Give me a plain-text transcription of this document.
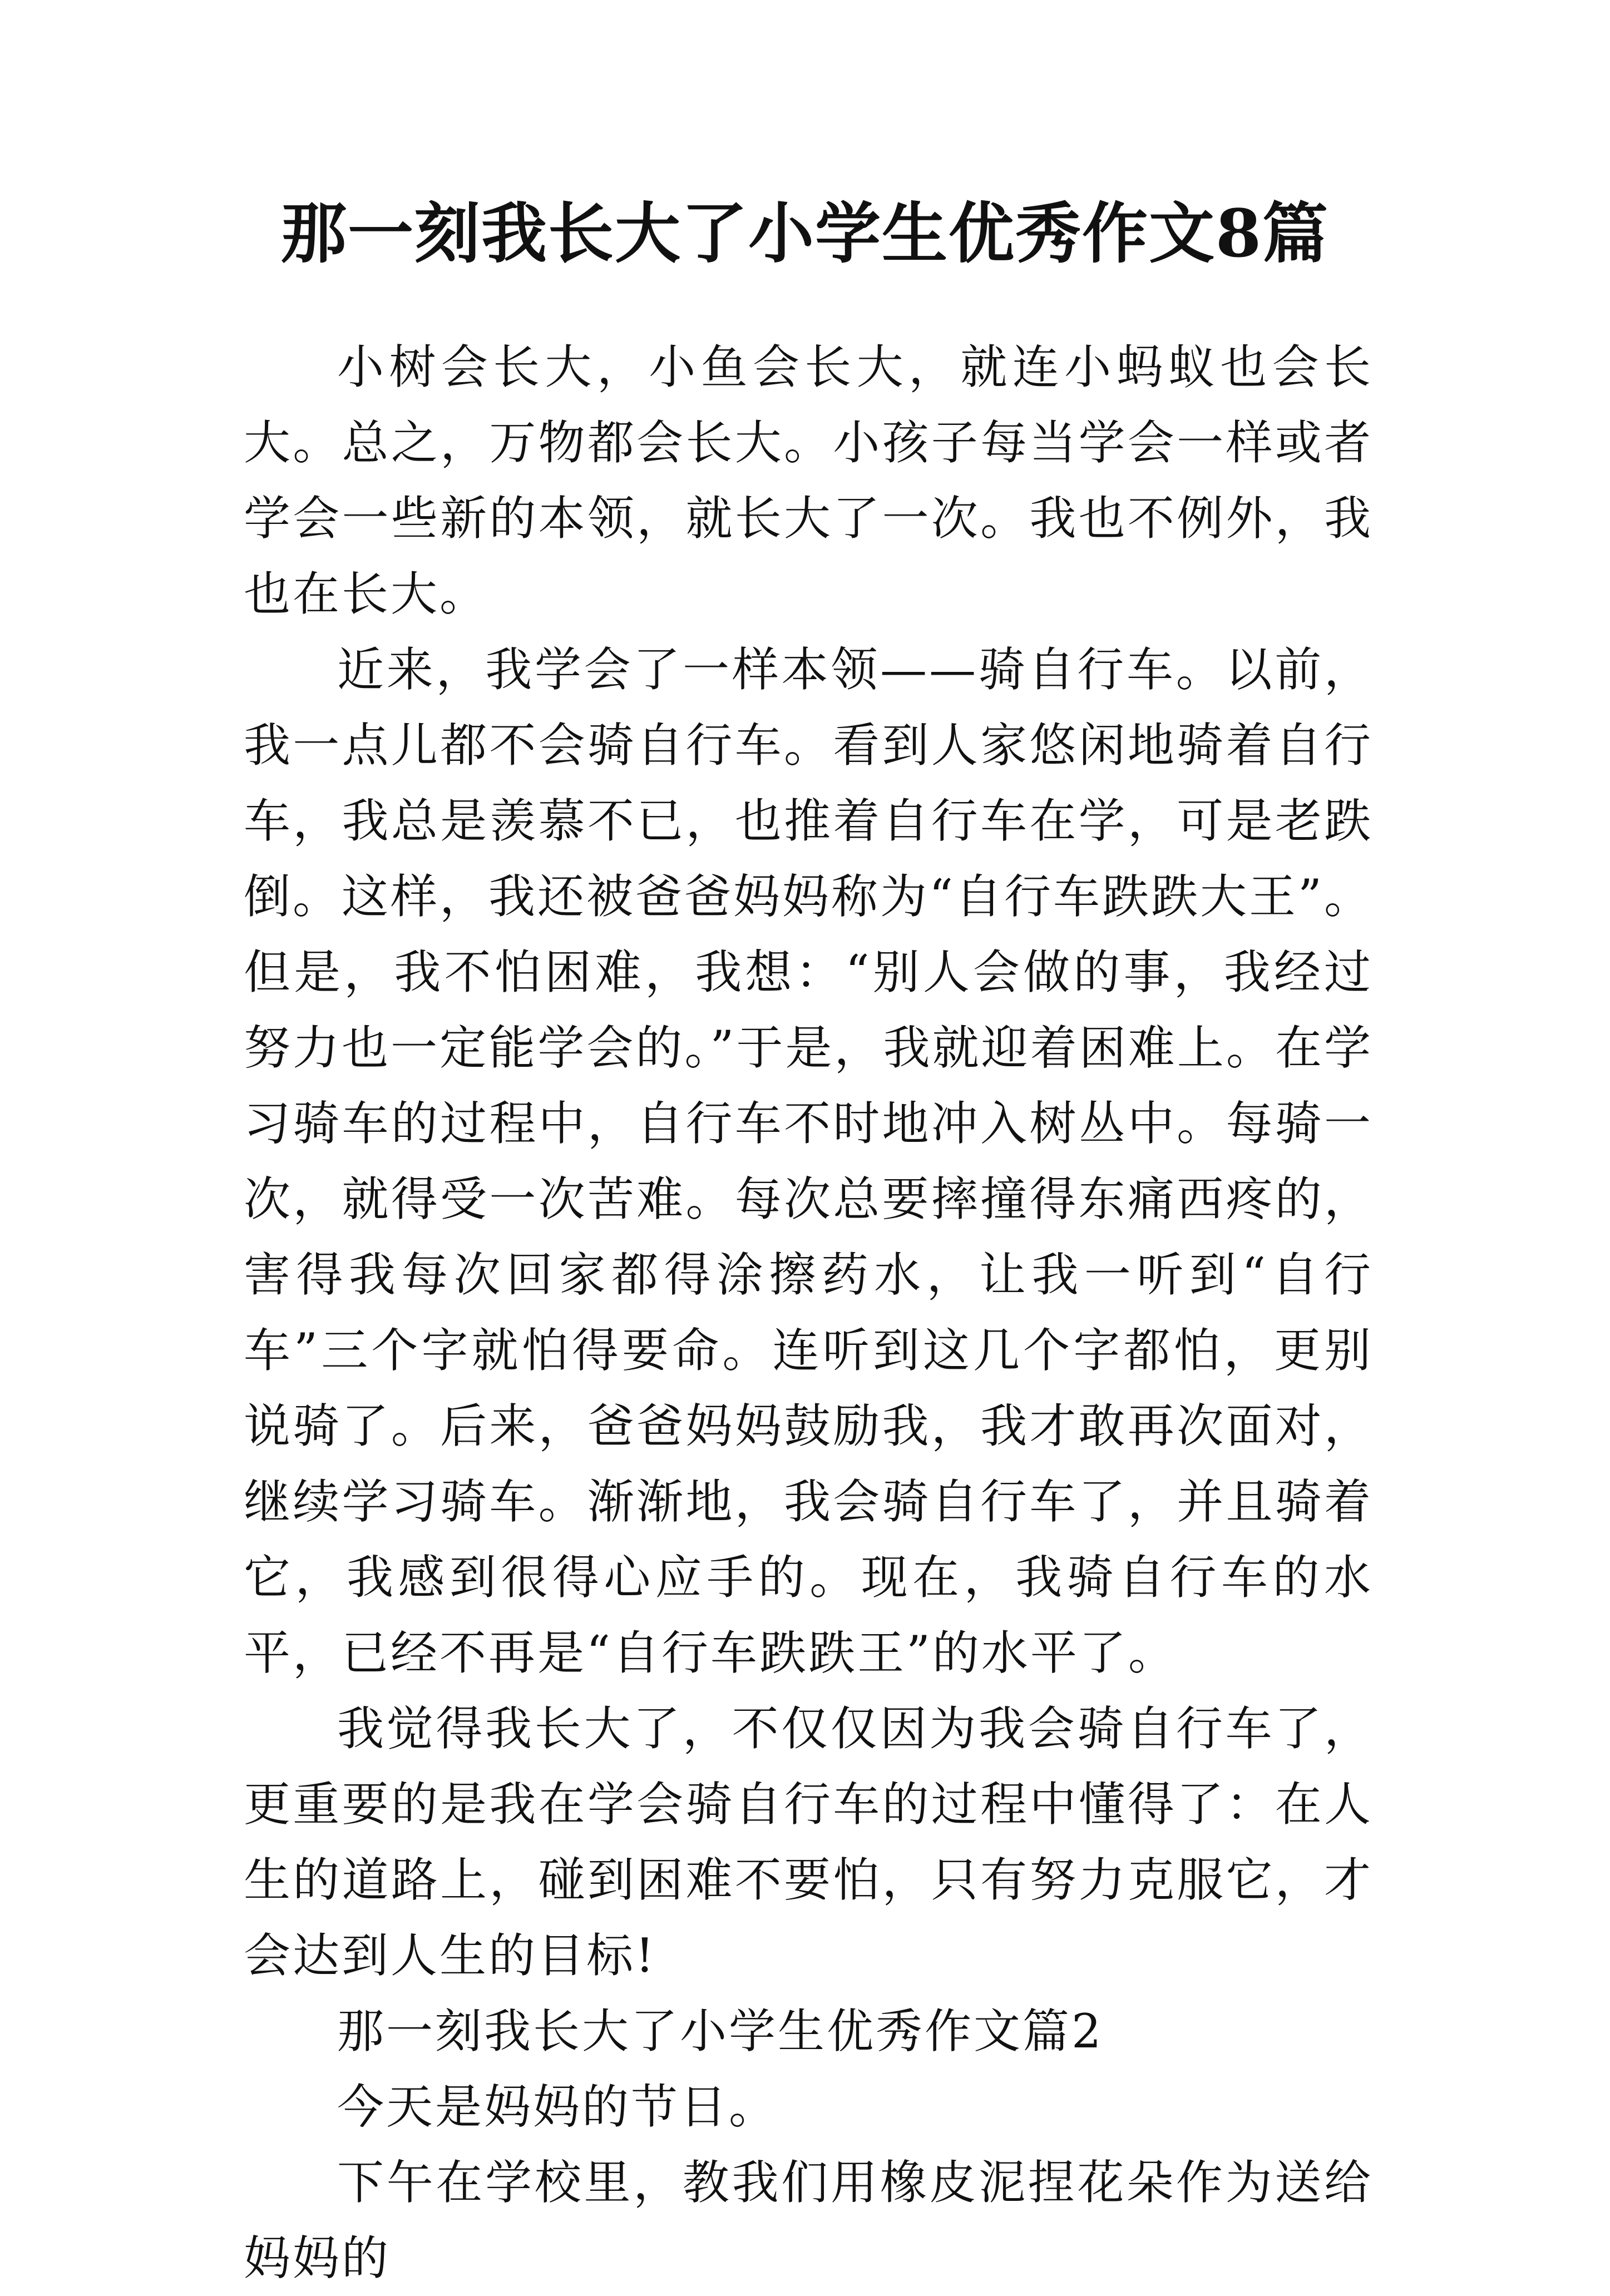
那一刻我长大了小学生优秀作文8篇

小树会长大，小鱼会长大，就连小蚂蚁也会长大。总之，万物都会长大。小孩子每当学会一样或者学会一些新的本领，就长大了一次。我也不例外，我也在长大。

近来，我学会了一样本领——骑自行车。以前，我一点儿都不会骑自行车。看到人家悠闲地骑着自行车，我总是羡慕不已，也推着自行车在学，可是老跌倒。这样，我还被爸爸妈妈称为“自行车跌跌大王”。但是，我不怕困难，我想：“别人会做的事，我经过努力也一定能学会的。”于是，我就迎着困难上。在学习骑车的过程中，自行车不时地冲入树丛中。每骑一次，就得受一次苦难。每次总要摔撞得东痛西疼的，害得我每次回家都得涂擦药水，让我一听到“自行车”三个字就怕得要命。连听到这几个字都怕，更别说骑了。后来，爸爸妈妈鼓励我，我才敢再次面对，继续学习骑车。渐渐地，我会骑自行车了，并且骑着它，我感到很得心应手的。现在，我骑自行车的水平，已经不再是“自行车跌跌王”的水平了。

我觉得我长大了，不仅仅因为我会骑自行车了，更重要的是我在学会骑自行车的过程中懂得了：在人生的道路上，碰到困难不要怕，只有努力克服它，才会达到人生的目标!

那一刻我长大了小学生优秀作文篇2

今天是妈妈的节日。

下午在学校里，教我们用橡皮泥捏花朵作为送给妈妈的
